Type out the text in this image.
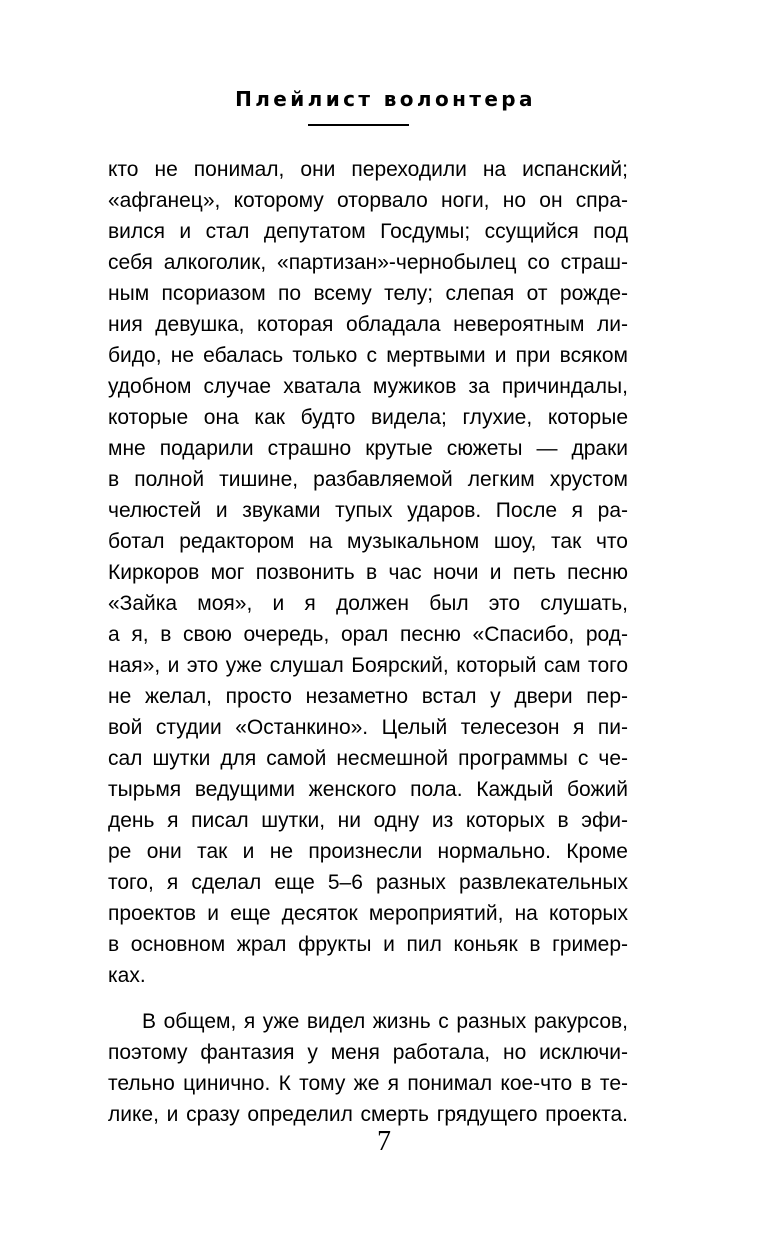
Плейлист волонтера
кто не понимал, они переходили на испанский;
«афганец», которому оторвало ноги, но он спра-
вился и стал депутатом Госдумы; ссущийся под
себя алкоголик, «партизан»-чернобылец со страш-
ным псориазом по всему телу; слепая от рожде-
ния девушка, которая обладала невероятным ли-
бидо, не ебалась только с мертвыми и при всяком
удобном случае хватала мужиков за причиндалы,
которые она как будто видела; глухие, которые
мне подарили страшно крутые сюжеты — драки
в полной тишине, разбавляемой легким хрустом
челюстей и звуками тупых ударов. После я ра-
ботал редактором на музыкальном шоу, так что
Киркоров мог позвонить в час ночи и петь песню
«Зайка моя», и я должен был это слушать,
а я, в свою очередь, орал песню «Спасибо, род-
ная», и это уже слушал Боярский, который сам того
не желал, просто незаметно встал у двери пер-
вой студии «Останкино». Целый телесезон я пи-
сал шутки для самой несмешной программы с че-
тырьмя ведущими женского пола. Каждый божий
день я писал шутки, ни одну из которых в эфи-
ре они так и не произнесли нормально. Кроме
того, я сделал еще 5–6 разных развлекательных
проектов и еще десяток мероприятий, на которых
в основном жрал фрукты и пил коньяк в гример-
ках.
В общем, я уже видел жизнь с разных ракурсов,
поэтому фантазия у меня работала, но исключи-
тельно цинично. К тому же я понимал кое-что в те-
лике, и сразу определил смерть грядущего проекта.
7
